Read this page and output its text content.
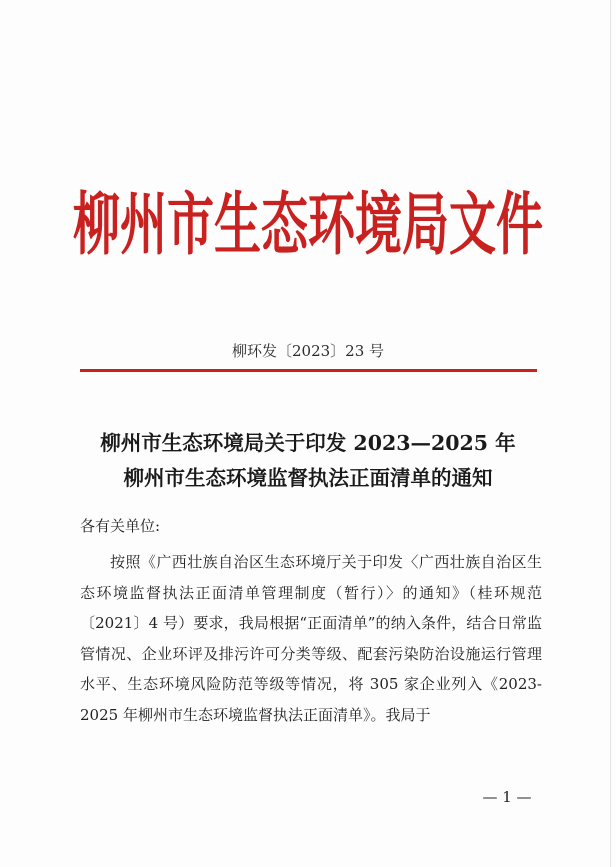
柳州市生态环境局文件
柳环发〔2023〕23 号
柳州市生态环境局关于印发 2023—2025 年
柳州市生态环境监督执法正面清单的通知
各有关单位:
按照《广西壮族自治区生态环境厅关于印发〈广西壮族自治区生态环境监督执法正面清单管理制度（暂行）〉的通知》（桂环规范〔2021〕4 号）要求，我局根据“正面清单”的纳入条件，结合日常监管情况、企业环评及排污许可分类等级、配套污染防治设施运行管理水平、生态环境风险防范等级等情况，将 305 家企业列入《2023-2025 年柳州市生态环境监督执法正面清单》。我局于
— 1 —
